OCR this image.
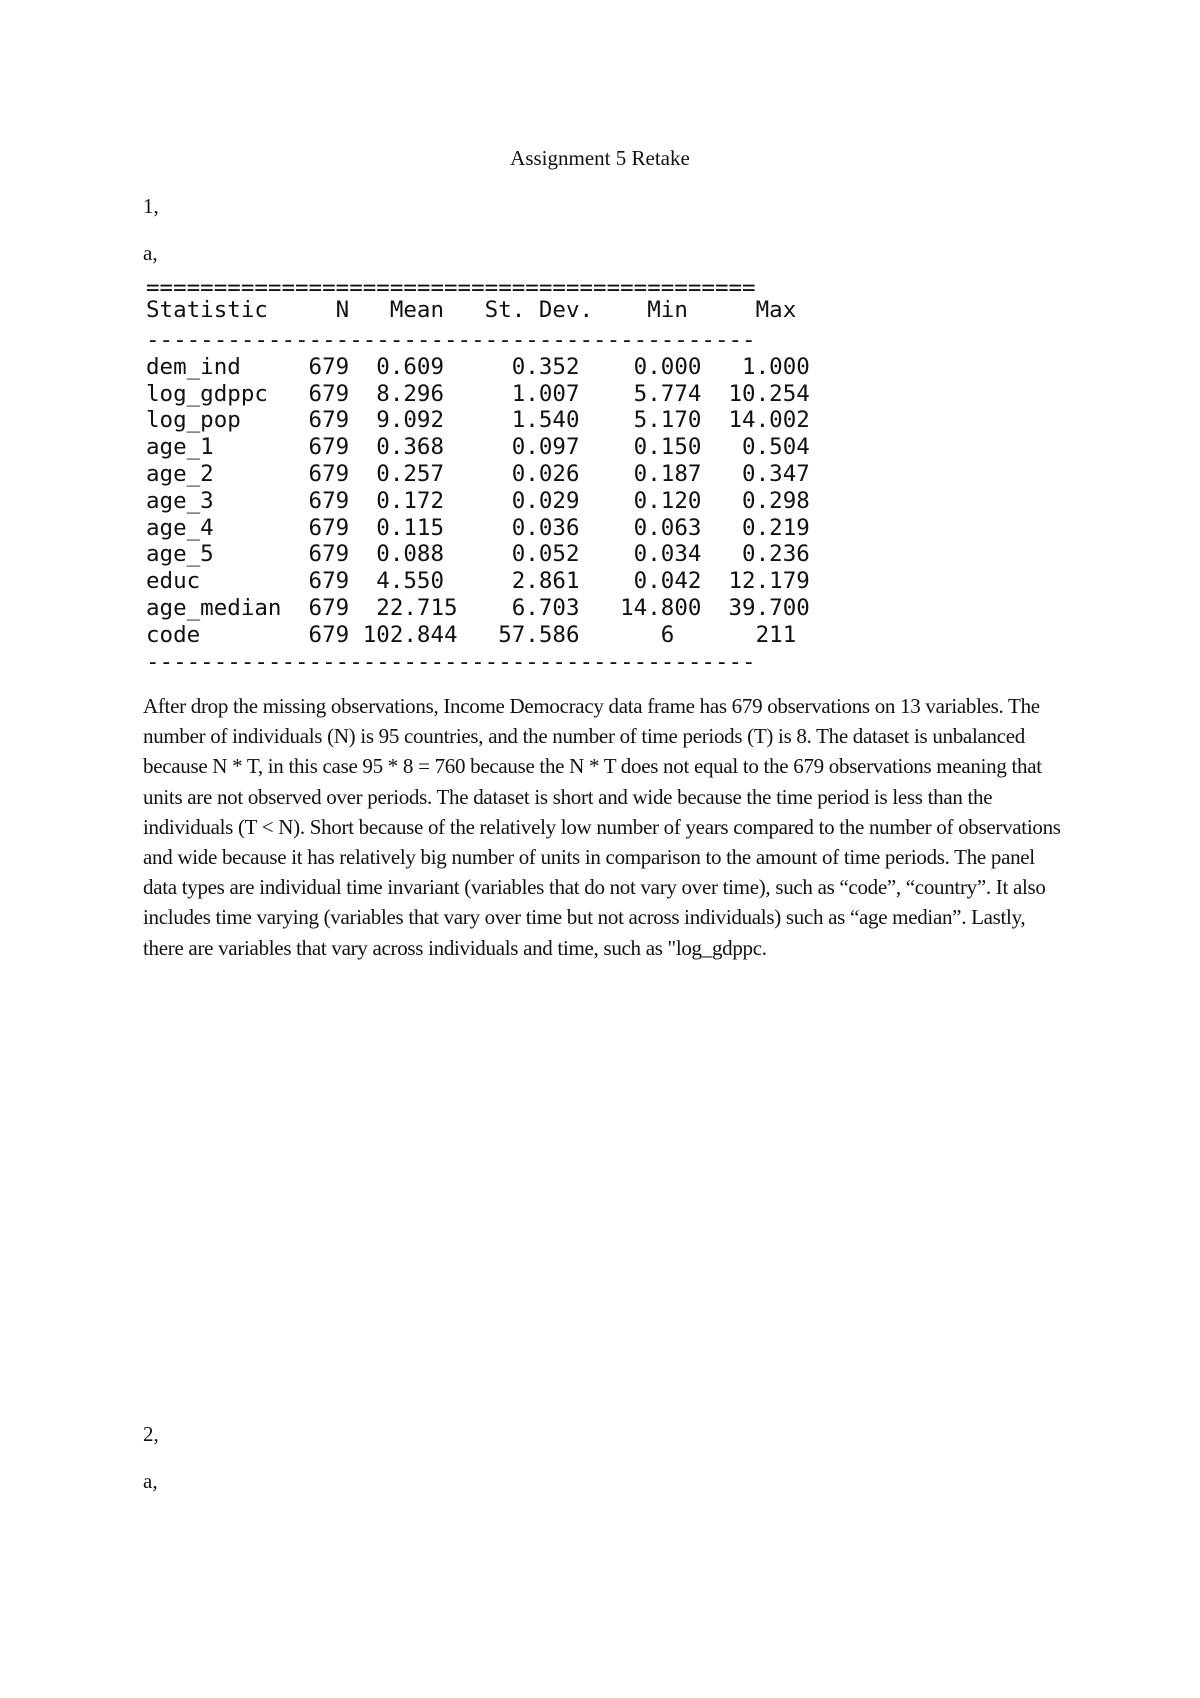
Assignment 5 Retake
1,
a,
=============================================
Statistic     N   Mean   St. Dev.    Min     Max
---------------------------------------------
dem_ind     679  0.609     0.352    0.000   1.000
log_gdppc   679  8.296     1.007    5.774  10.254
log_pop     679  9.092     1.540    5.170  14.002
age_1       679  0.368     0.097    0.150   0.504
age_2       679  0.257     0.026    0.187   0.347
age_3       679  0.172     0.029    0.120   0.298
age_4       679  0.115     0.036    0.063   0.219
age_5       679  0.088     0.052    0.034   0.236
educ        679  4.550     2.861    0.042  12.179
age_median  679  22.715    6.703   14.800  39.700
code        679 102.844   57.586      6      211
---------------------------------------------

After drop the missing observations, Income Democracy data frame has 679 observations on 13 variables. The number of individuals (N) is 95 countries, and the number of time periods (T) is 8. The dataset is unbalanced because N * T, in this case 95 * 8 = 760 because the N * T does not equal to the 679 observations meaning that units are not observed over periods. The dataset is short and wide because the time period is less than the individuals (T < N). Short because of the relatively low number of years compared to the number of observations and wide because it has relatively big number of units in comparison to the amount of time periods. The panel data types are individual time invariant (variables that do not vary over time), such as “code”, “country”. It also includes time varying (variables that vary over time but not across individuals) such as “age median”. Lastly, there are variables that vary across individuals and time, such as "log_gdppc.

2,
a,
